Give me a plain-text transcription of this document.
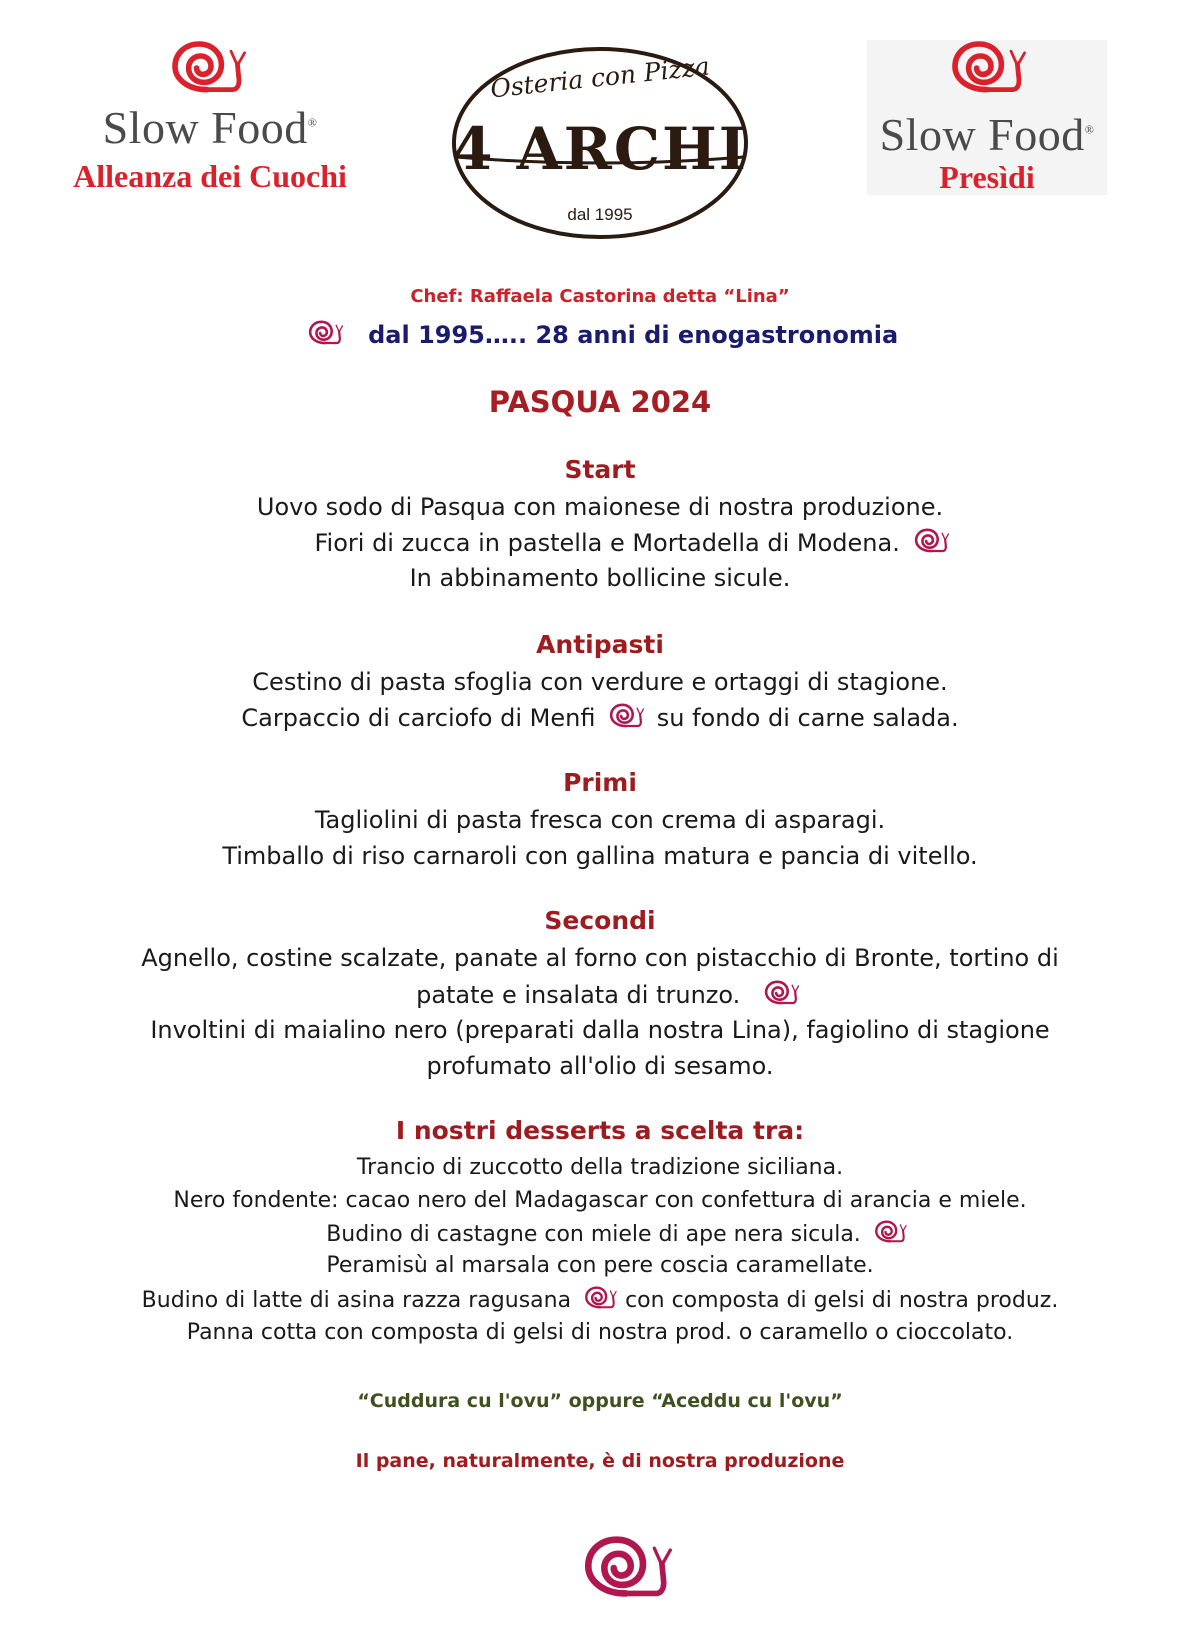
Slow Food®
Alleanza dei Cuochi
Osteria con Pizza
4 ARCHI
dal 1995
Slow Food®
Presìdi
Chef: Raffaela Castorina detta “Lina”
dal 1995….. 28 anni di enogastronomia
PASQUA 2024
Start
Uovo sodo di Pasqua con maionese di nostra produzione.
Fiori di zucca in pastella e Mortadella di Modena.
In abbinamento bollicine sicule.
Antipasti
Cestino di pasta sfoglia con verdure e ortaggi di stagione.
Carpaccio di carciofo di Menfi	su fondo di carne salada.
Primi
Tagliolini di pasta fresca con crema di asparagi.
Timballo di riso carnaroli con gallina matura e pancia di vitello.
Secondi
Agnello, costine scalzate, panate al forno con pistacchio di Bronte, tortino di
patate e insalata di trunzo.
Involtini di maialino nero (preparati dalla nostra Lina), fagiolino di stagione
profumato all'olio di sesamo.
I nostri desserts a scelta tra:
Trancio di zuccotto della tradizione siciliana.
Nero fondente: cacao nero del Madagascar con confettura di arancia e miele.
Budino di castagne con miele di ape nera sicula.
Peramisù al marsala con pere coscia caramellate.
Budino di latte di asina razza ragusana con composta di gelsi di nostra produz.
Panna cotta con composta di gelsi di nostra prod. o caramello o cioccolato.
“Cuddura cu l'ovu” oppure “Aceddu cu l'ovu”
Il pane, naturalmente, è di nostra produzione
